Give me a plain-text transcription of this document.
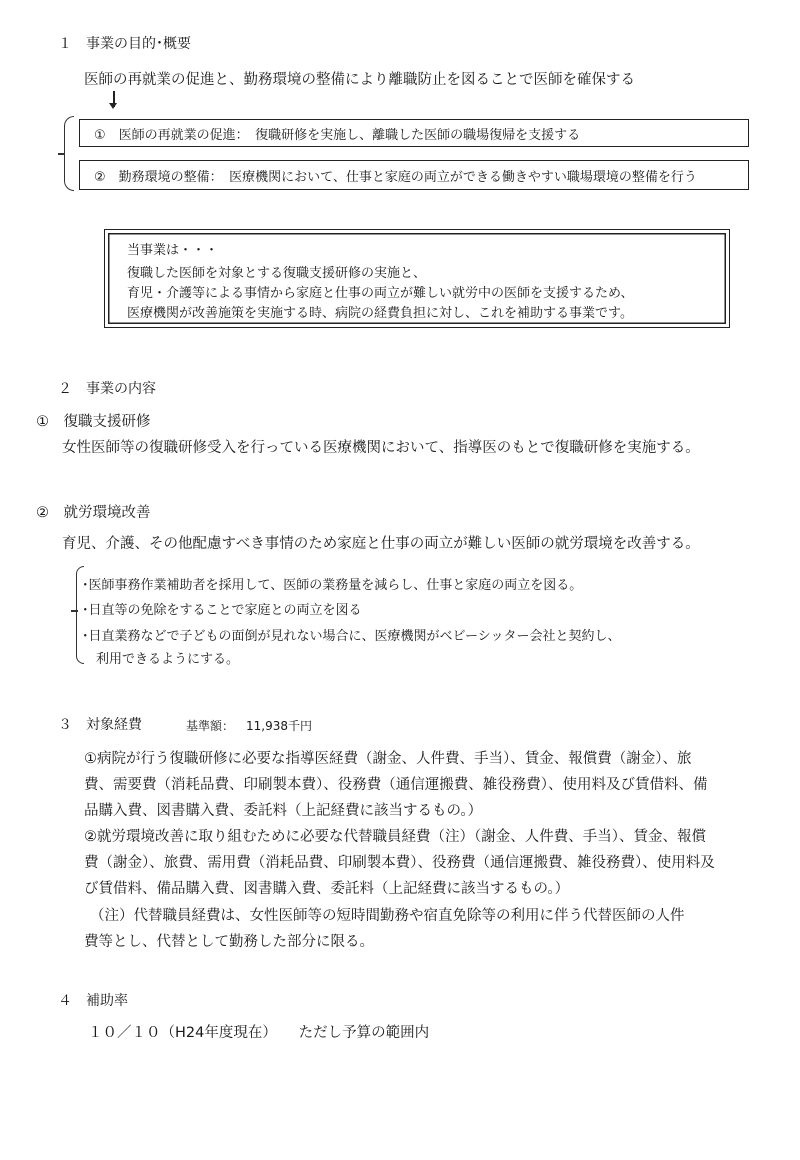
１　事業の目的･概要
医師の再就業の促進と、勤務環境の整備により離職防止を図ることで医師を確保する
①　医師の再就業の促進：　復職研修を実施し、離職した医師の職場復帰を支援する
②　勤務環境の整備：　医療機関において、仕事と家庭の両立ができる働きやすい職場環境の整備を行う
当事業は・・・
復職した医師を対象とする復職支援研修の実施と、
育児・介護等による事情から家庭と仕事の両立が難しい就労中の医師を支援するため、
医療機関が改善施策を実施する時、病院の経費負担に対し、これを補助する事業です。
２　事業の内容
①　復職支援研修
女性医師等の復職研修受入を行っている医療機関において、指導医のもとで復職研修を実施する。
②　就労環境改善
育児、介護、その他配慮すべき事情のため家庭と仕事の両立が難しい医師の就労環境を改善する。
･医師事務作業補助者を採用して、医師の業務量を減らし、仕事と家庭の両立を図る。
･日直等の免除をすることで家庭との両立を図る
･日直業務などで子どもの面倒が見れない場合に、医療機関がベビーシッター会社と契約し、
利用できるようにする。
３　対象経費	基準額： 11,938千円
①病院が行う復職研修に必要な指導医経費（謝金、人件費、手当）、賃金、報償費（謝金）、旅
費、需要費（消耗品費、印刷製本費）、役務費（通信運搬費、雑役務費）、使用料及び賃借料、備
品購入費、図書購入費、委託料（上記経費に該当するもの。）
②就労環境改善に取り組むために必要な代替職員経費（注）（謝金、人件費、手当）、賃金、報償
費（謝金）、旅費、需用費（消耗品費、印刷製本費）、役務費（通信運搬費、雑役務費）、使用料及
び賃借料、備品購入費、図書購入費、委託料（上記経費に該当するもの。）
（注）代替職員経費は、女性医師等の短時間勤務や宿直免除等の利用に伴う代替医師の人件
費等とし、代替として勤務した部分に限る。
４　補助率
１０／１０（H24年度現在）　　ただし予算の範囲内
